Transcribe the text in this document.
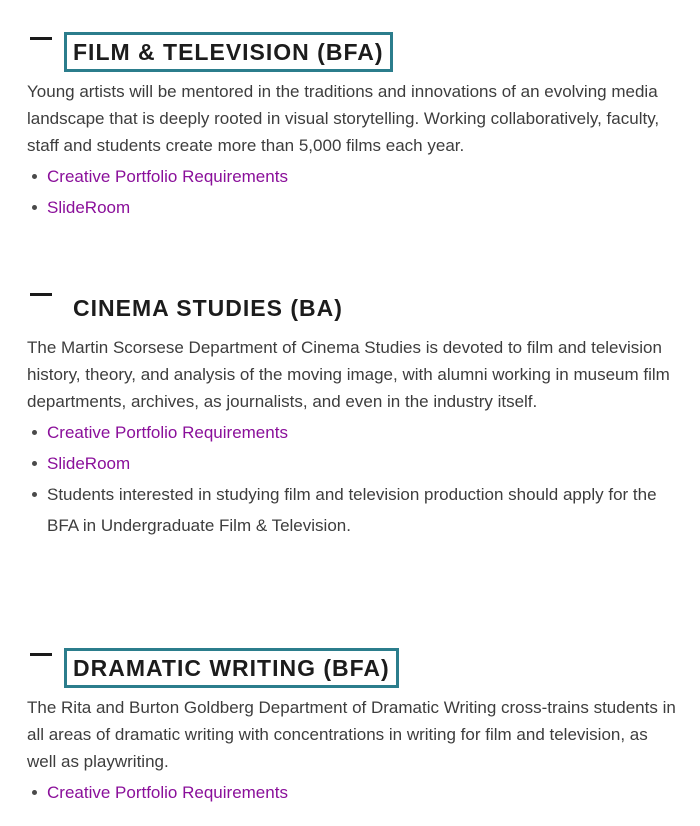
FILM & TELEVISION (BFA)

Young artists will be mentored in the traditions and innovations of an evolving media landscape that is deeply rooted in visual storytelling. Working collaboratively, faculty, staff and students create more than 5,000 films each year.

Creative Portfolio Requirements
SlideRoom
CINEMA STUDIES (BA)

The Martin Scorsese Department of Cinema Studies is devoted to film and television history, theory, and analysis of the moving image, with alumni working in museum film departments, archives, as journalists, and even in the industry itself.

Creative Portfolio Requirements
SlideRoom
Students interested in studying film and television production should apply for the BFA in Undergraduate Film & Television.
DRAMATIC WRITING (BFA)

The Rita and Burton Goldberg Department of Dramatic Writing cross-trains students in all areas of dramatic writing with concentrations in writing for film and television, as well as playwriting.

Creative Portfolio Requirements
